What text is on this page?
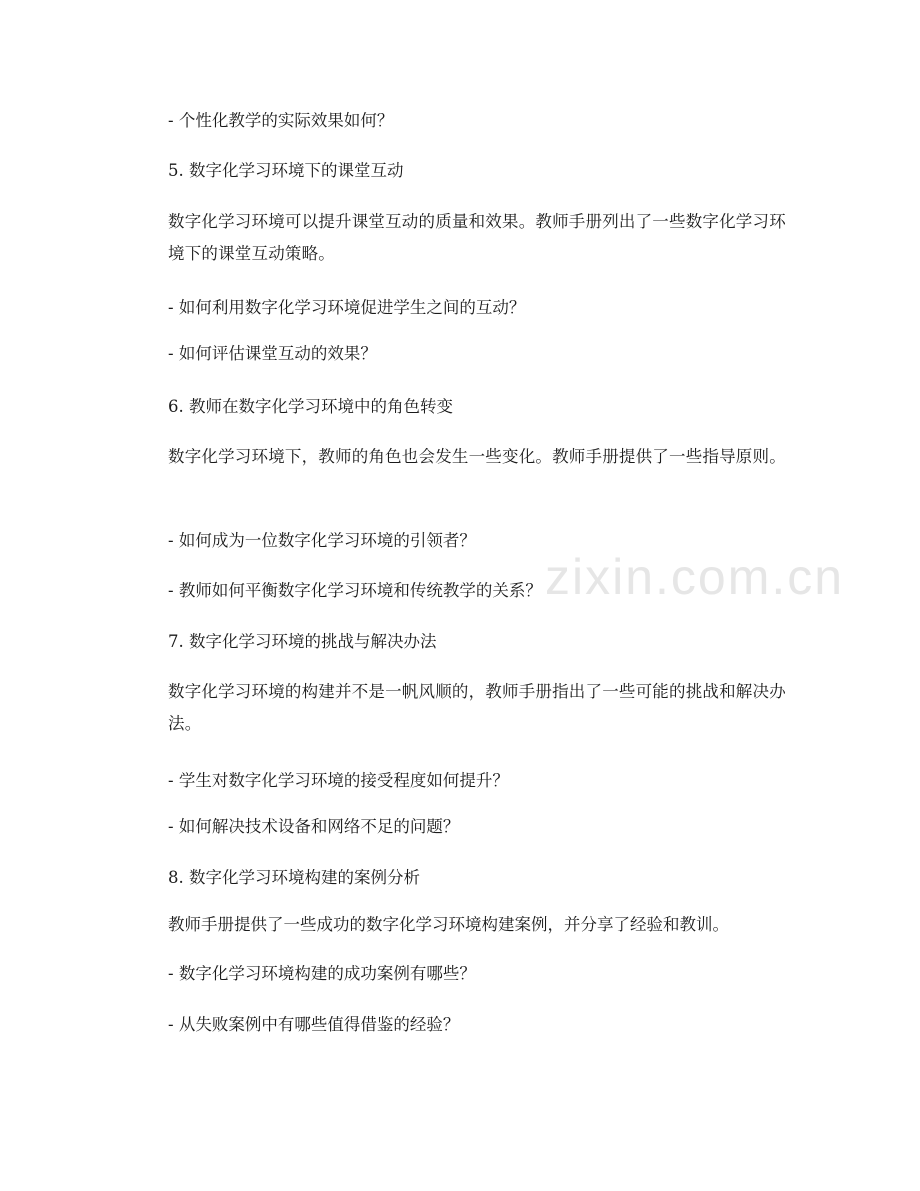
- 个性化教学的实际效果如何？
5. 数字化学习环境下的课堂互动
数字化学习环境可以提升课堂互动的质量和效果。教师手册列出了一些数字化学习环境下的课堂互动策略。
- 如何利用数字化学习环境促进学生之间的互动？
- 如何评估课堂互动的效果？
6. 教师在数字化学习环境中的角色转变
数字化学习环境下，教师的角色也会发生一些变化。教师手册提供了一些指导原则。
- 如何成为一位数字化学习环境的引领者？
- 教师如何平衡数字化学习环境和传统教学的关系？
7. 数字化学习环境的挑战与解决办法
数字化学习环境的构建并不是一帆风顺的，教师手册指出了一些可能的挑战和解决办法。
- 学生对数字化学习环境的接受程度如何提升？
- 如何解决技术设备和网络不足的问题？
8. 数字化学习环境构建的案例分析
教师手册提供了一些成功的数字化学习环境构建案例，并分享了经验和教训。
- 数字化学习环境构建的成功案例有哪些？
- 从失败案例中有哪些值得借鉴的经验？
zixin.com.cn
